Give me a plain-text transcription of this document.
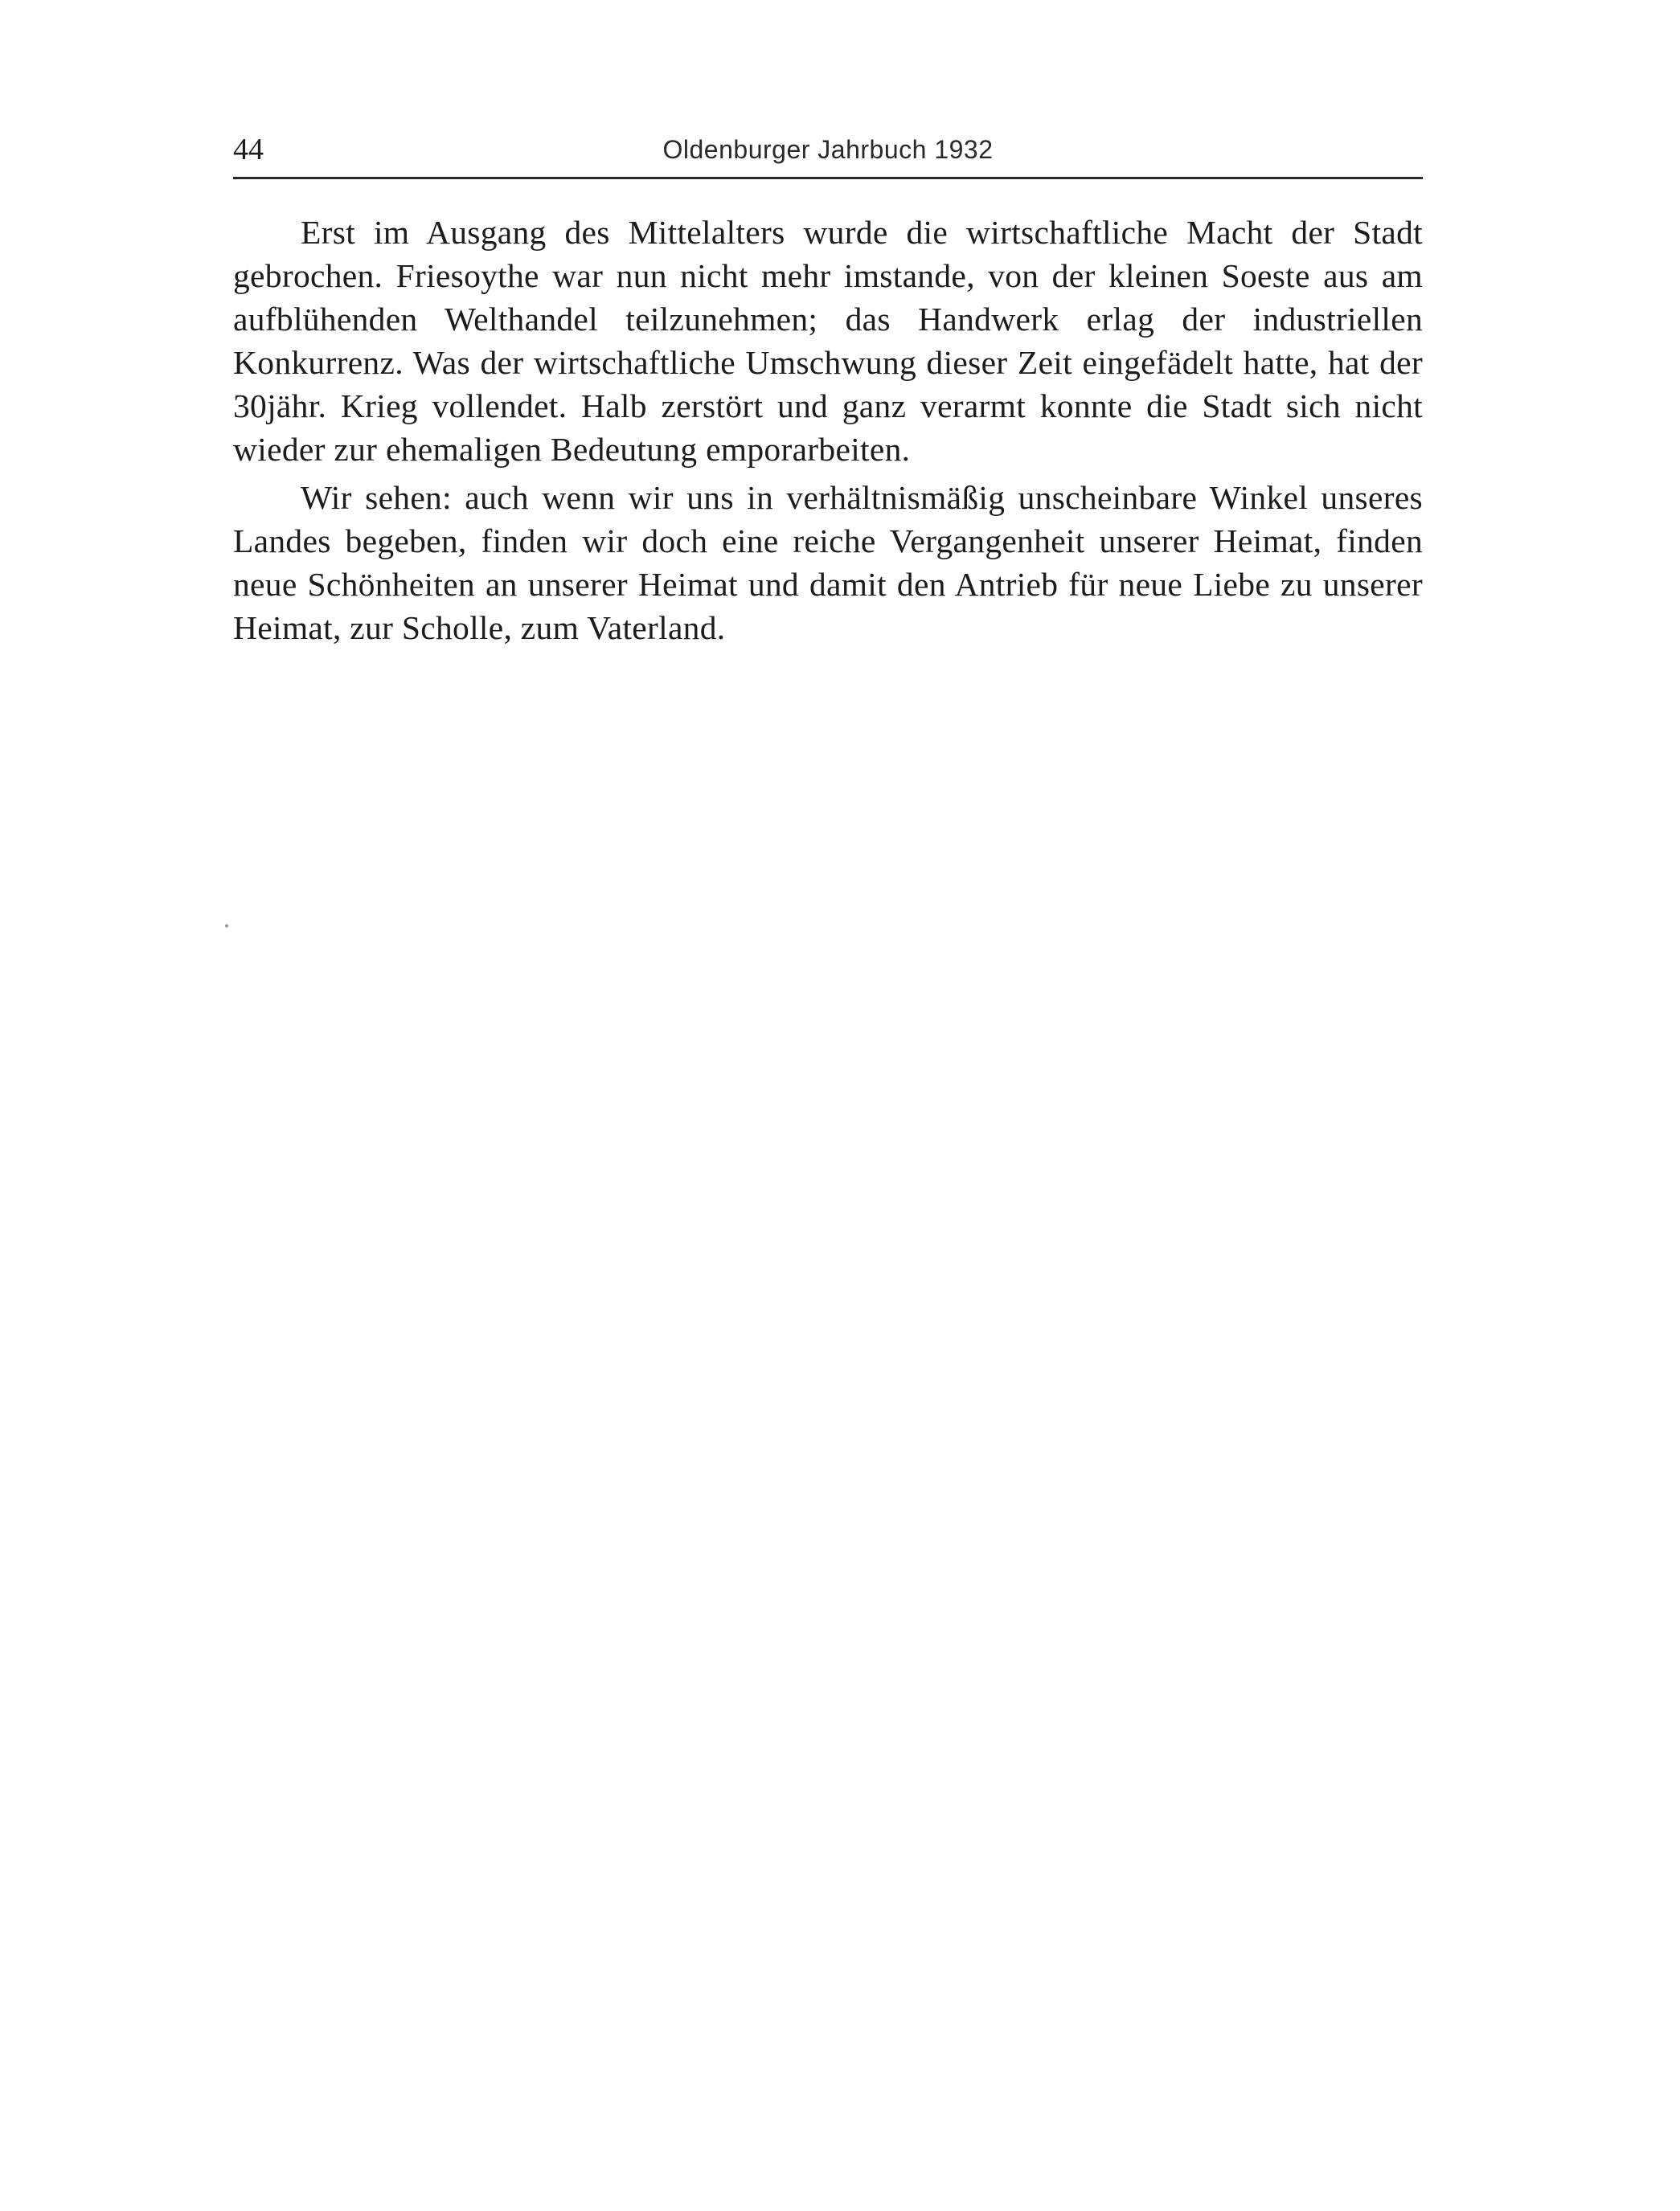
44	Oldenburger Jahrbuch 1932

Erst im Ausgang des Mittelalters wurde die wirtschaftliche Macht der Stadt gebrochen. Friesoythe war nun nicht mehr imstande, von der kleinen Soeste aus am aufblühenden Welthandel teilzunehmen; das Handwerk erlag der industriellen Konkurrenz. Was der wirtschaftliche Umschwung dieser Zeit eingefädelt hatte, hat der 30jähr. Krieg vollendet. Halb zerstört und ganz verarmt konnte die Stadt sich nicht wieder zur ehemaligen Bedeutung emporarbeiten.

Wir sehen: auch wenn wir uns in verhältnismäßig unscheinbare Winkel unseres Landes begeben, finden wir doch eine reiche Vergangenheit unserer Heimat, finden neue Schönheiten an unserer Heimat und damit den Antrieb für neue Liebe zu unserer Heimat, zur Scholle, zum Vaterland.
